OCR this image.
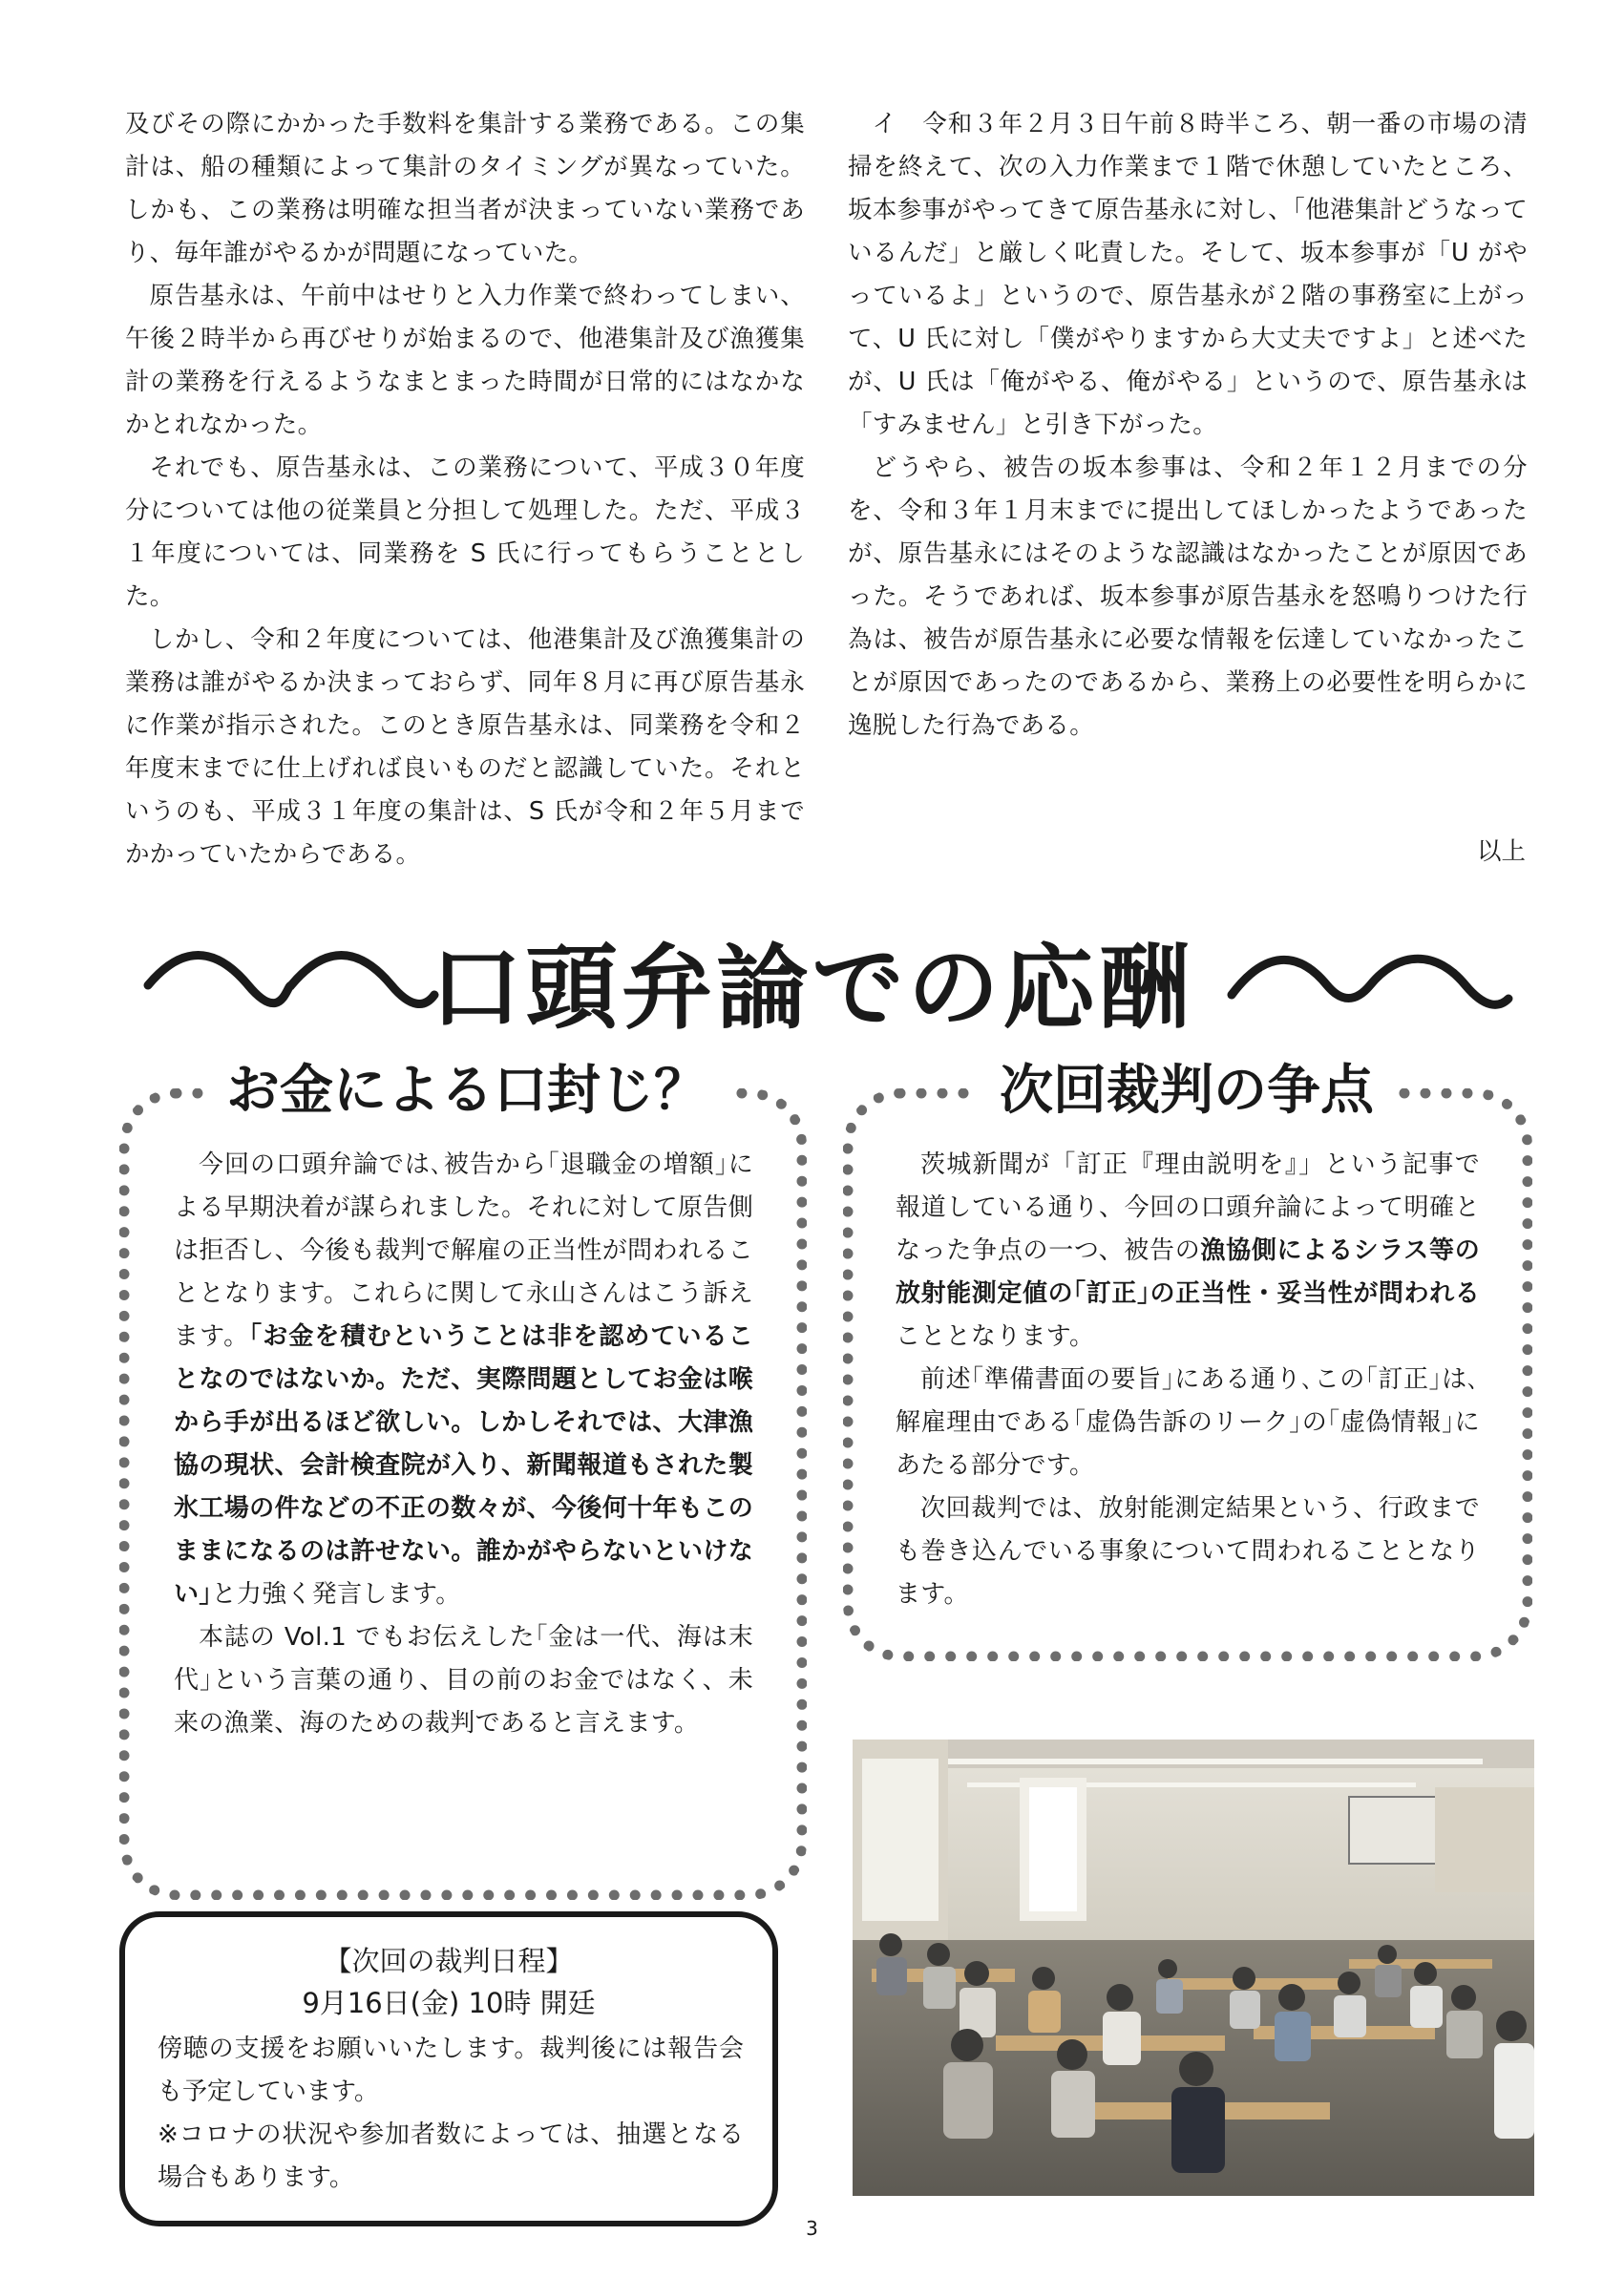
及びその際にかかった手数料を集計する業務である。この集計は、船の種類によって集計のタイミングが異なっていた。しかも、この業務は明確な担当者が決まっていない業務であり、毎年誰がやるかが問題になっていた。

原告基永は、午前中はせりと入力作業で終わってしまい、午後２時半から再びせりが始まるので、他港集計及び漁獲集計の業務を行えるようなまとまった時間が日常的にはなかなかとれなかった。

それでも、原告基永は、この業務について、平成３０年度分については他の従業員と分担して処理した。ただ、平成３１年度については、同業務を S 氏に行ってもらうこととした。

しかし、令和２年度については、他港集計及び漁獲集計の業務は誰がやるか決まっておらず、同年８月に再び原告基永に作業が指示された。このとき原告基永は、同業務を令和２年度末までに仕上げれば良いものだと認識していた。それというのも、平成３１年度の集計は、S 氏が令和２年５月までかかっていたからである。

イ　令和３年２月３日午前８時半ころ、朝一番の市場の清掃を終えて、次の入力作業まで１階で休憩していたところ、坂本参事がやってきて原告基永に対し、「他港集計どうなっているんだ」と厳しく叱責した。そして、坂本参事が「U がやっているよ」というので、原告基永が２階の事務室に上がって、U 氏に対し「僕がやりますから大丈夫ですよ」と述べたが、U 氏は「俺がやる、俺がやる」というので、原告基永は「すみません」と引き下がった。

どうやら、被告の坂本参事は、令和２年１２月までの分を、令和３年１月末までに提出してほしかったようであったが、原告基永にはそのような認識はなかったことが原因であった。そうであれば、坂本参事が原告基永を怒鳴りつけた行為は、被告が原告基永に必要な情報を伝達していなかったことが原因であったのであるから、業務上の必要性を明らかに逸脱した行為である。

以上
口頭弁論での応酬
お金による口封じ？

今回の口頭弁論では､被告から｢退職金の増額｣による早期決着が謀られました。それに対して原告側は拒否し、今後も裁判で解雇の正当性が問われることとなります。これらに関して永山さんはこう訴えます。｢お金を積むということは非を認めていることなのではないか。ただ、実際問題としてお金は喉から手が出るほど欲しい。しかしそれでは、大津漁協の現状、会計検査院が入り、新聞報道もされた製氷工場の件などの不正の数々が、今後何十年もこのままになるのは許せない。誰かがやらないといけない｣と力強く発言します。

本誌の Vol.1 でもお伝えした｢金は一代、海は末代｣という言葉の通り、目の前のお金ではなく、未来の漁業、海のための裁判であると言えます。

次回裁判の争点

茨城新聞が「訂正『理由説明を』」という記事で報道している通り、今回の口頭弁論によって明確となった争点の一つ、被告の漁協側によるシラス等の放射能測定値の｢訂正｣の正当性・妥当性が問われることとなります。

前述｢準備書面の要旨｣にある通り､この｢訂正｣は､解雇理由である｢虚偽告訴のリーク｣の｢虚偽情報｣にあたる部分です。

次回裁判では、放射能測定結果という、行政までも巻き込んでいる事象について問われることとなります。

【次回の裁判日程】
9月16日(金) 10時 開廷
傍聴の支援をお願いいたします。裁判後には報告会も予定しています。
※コロナの状況や参加者数によっては、抽選となる場合もあります。
3
